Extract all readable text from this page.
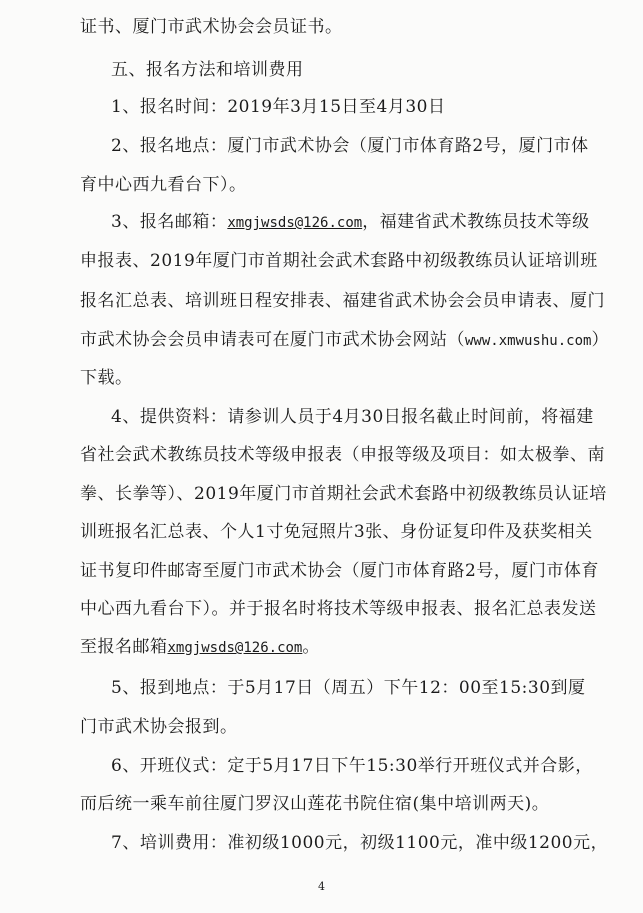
证书、厦门市武术协会会员证书。
五、报名方法和培训费用
1、报名时间：2019年3月15日至4月30日
2、报名地点：厦门市武术协会（厦门市体育路2号，厦门市体
育中心西九看台下）。
3、报名邮箱：xmgjwsds@126.com，福建省武术教练员技术等级
申报表、2019年厦门市首期社会武术套路中初级教练员认证培训班
报名汇总表、培训班日程安排表、福建省武术协会会员申请表、厦门
市武术协会会员申请表可在厦门市武术协会网站（www.xmwushu.com）
下载。
4、提供资料：请参训人员于4月30日报名截止时间前，将福建
省社会武术教练员技术等级申报表（申报等级及项目：如太极拳、南
拳、长拳等）、2019年厦门市首期社会武术套路中初级教练员认证培
训班报名汇总表、个人1寸免冠照片3张、身份证复印件及获奖相关
证书复印件邮寄至厦门市武术协会（厦门市体育路2号，厦门市体育
中心西九看台下）。并于报名时将技术等级申报表、报名汇总表发送
至报名邮箱xmgjwsds@126.com。
5、报到地点：于5月17日（周五）下午12：00至15:30到厦
门市武术协会报到。
6、开班仪式：定于5月17日下午15:30举行开班仪式并合影，
而后统一乘车前往厦门罗汉山莲花书院住宿(集中培训两天)。
7、培训费用：准初级1000元，初级1100元，准中级1200元，
4
